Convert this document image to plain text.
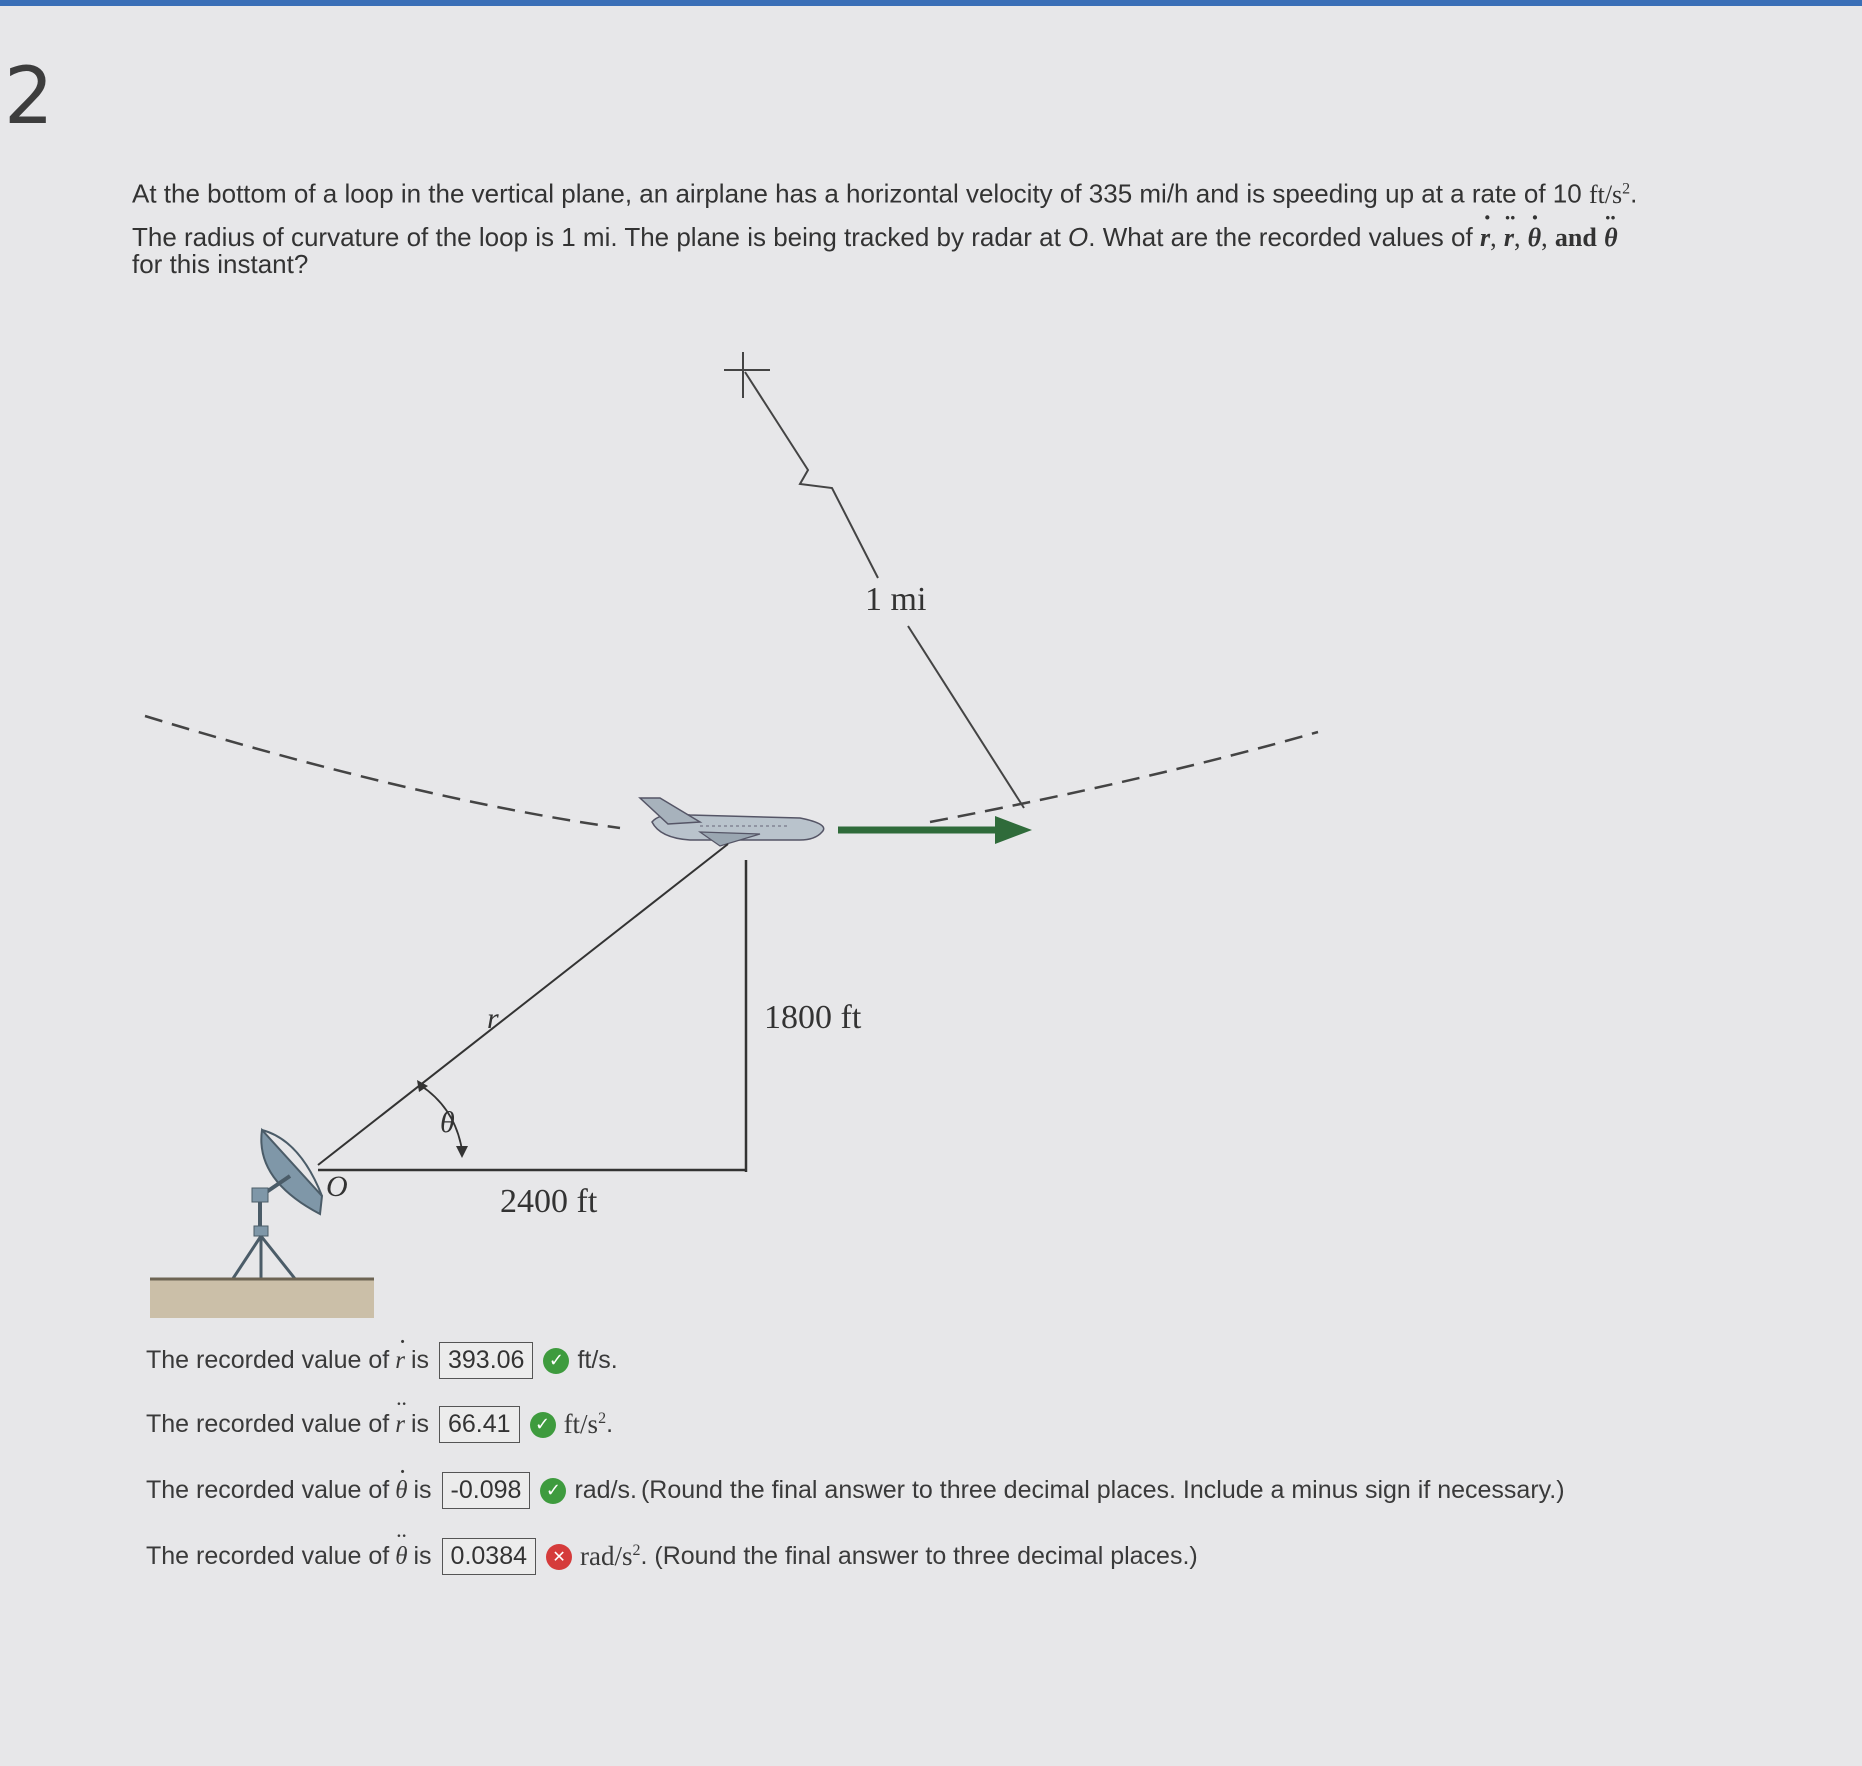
2
At the bottom of a loop in the vertical plane, an airplane has a horizontal velocity of 335 mi/h and is speeding up at a rate of 10 $ft/s^2$.
The radius of curvature of the loop is 1 mi. The plane is being tracked by radar at O. What are the recorded values of · r, ·· r, · θ, and ·· θ
for this instant?
1 mi
θ
r
O
1800 ft
2400 ft
The recorded value of · r is 393.06	✓ ft/s.
The recorded value of ·· r is 66.41	✓ $ft/s^2$ .
The recorded value of · θ is -0.098	✓ rad/s. (Round the final answer to three decimal places. Include a minus sign if necessary.)
The recorded value of ·· θ is 0.0384	✕ rad/$s^2$ . (Round the final answer to three decimal places.)
